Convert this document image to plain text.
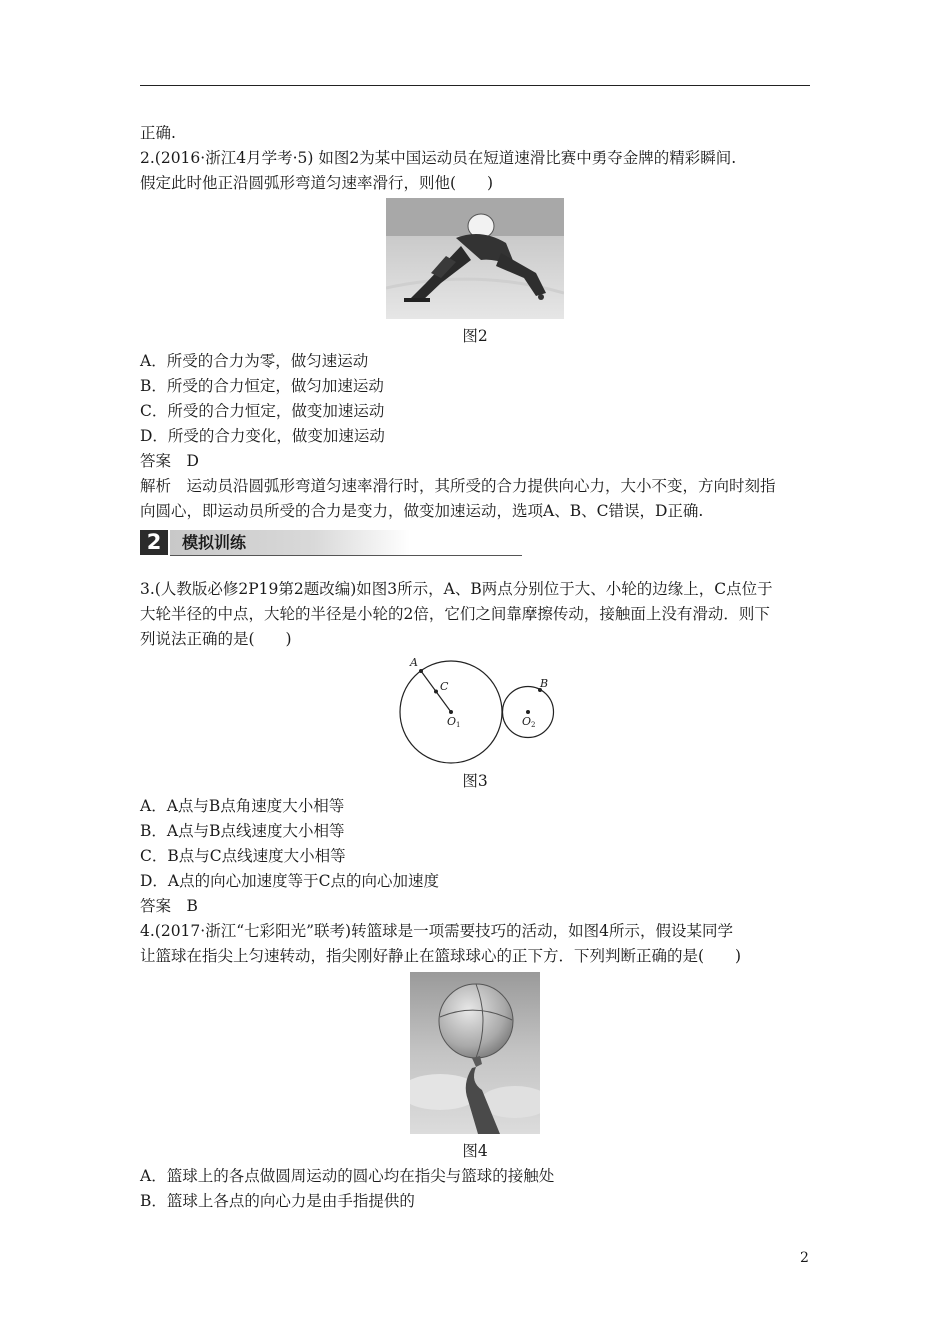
正确.
2.(2016·浙江4月学考·5) 如图2为某中国运动员在短道速滑比赛中勇夺金牌的精彩瞬间.
假定此时他正沿圆弧形弯道匀速率滑行，则他(　　)
图2
A．所受的合力为零，做匀速运动
B．所受的合力恒定，做匀加速运动
C．所受的合力恒定，做变加速运动
D．所受的合力变化，做变加速运动
答案　D
解析　运动员沿圆弧形弯道匀速率滑行时，其所受的合力提供向心力，大小不变，方向时刻指
向圆心，即运动员所受的合力是变力，做变加速运动，选项A、B、C错误，D正确.
2	模拟训练
3.(人教版必修2P19第2题改编)如图3所示，A、B两点分别位于大、小轮的边缘上，C点位于
大轮半径的中点，大轮的半径是小轮的2倍，它们之间靠摩擦传动，接触面上没有滑动．则下
列说法正确的是(　　)
A
C
O1	O2
B
图3
A．A点与B点角速度大小相等
B．A点与B点线速度大小相等
C．B点与C点线速度大小相等
D．A点的向心加速度等于C点的向心加速度
答案　B
4.(2017·浙江“七彩阳光”联考)转篮球是一项需要技巧的活动，如图4所示，假设某同学
让篮球在指尖上匀速转动，指尖刚好静止在篮球球心的正下方．下列判断正确的是(　　)
图4
A．篮球上的各点做圆周运动的圆心均在指尖与篮球的接触处
B．篮球上各点的向心力是由手指提供的
2
